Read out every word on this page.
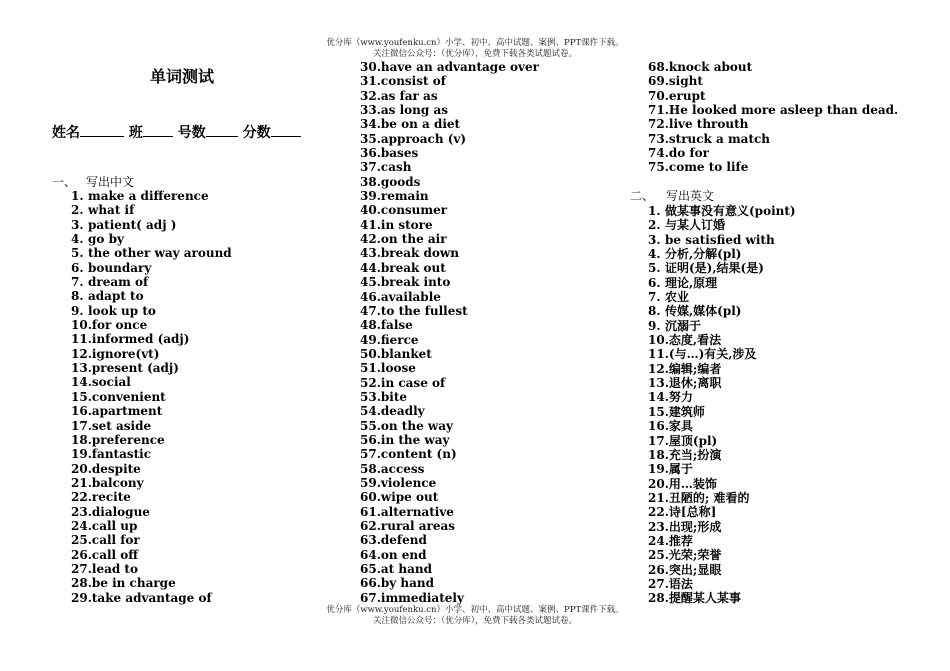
优分库（www.youfenku.cn）小学、初中、高中试题、案例、PPT课件下载。
关注微信公众号：（优分库），免费下载各类试题试卷。
单词测试
姓名	班 号数	分数
一、 写出中文
1. make a difference
2. what if
3. patient( adj )
4. go by
5. the other way around
6. boundary
7. dream of
8. adapt to
9. look up to
10.for once
11.informed (adj)
12.ignore(vt)
13.present (adj)
14.social
15.convenient
16.apartment
17.set aside
18.preference
19.fantastic
20.despite
21.balcony
22.recite
23.dialogue
24.call up
25.call for
26.call off
27.lead to
28.be in charge
29.take advantage of
30.have an advantage over
31.consist of
32.as far as
33.as long as
34.be on a diet
35.approach (v)
36.bases
37.cash
38.goods
39.remain
40.consumer
41.in store
42.on the air
43.break down
44.break out
45.break into
46.available
47.to the fullest
48.false
49.fierce
50.blanket
51.loose
52.in case of
53.bite
54.deadly
55.on the way
56.in the way
57.content (n)
58.access
59.violence
60.wipe out
61.alternative
62.rural areas
63.defend
64.on end
65.at hand
66.by hand
67.immediately
68.knock about
69.sight
70.erupt
71.He looked more asleep than dead.
72.live throuth
73.struck a match
74.do for
75.come to life
二、 写出英文
1. 做某事没有意义(point)
2. 与某人订婚
3. be satisfied with
4. 分析,分解(pl)
5. 证明(是),结果(是)
6. 理论,原理
7. 农业
8. 传媒,媒体(pl)
9. 沉溺于
10.态度,看法
11.(与…)有关,涉及
12.编辑;编者
13.退休;离职
14.努力
15.建筑师
16.家具
17.屋顶(pl)
18.充当;扮演
19.属于
20.用…装饰
21.丑陋的; 难看的
22.诗[总称]
23.出现;形成
24.推荐
25.光荣;荣誉
26.突出;显眼
27.语法
28.提醒某人某事
优分库（www.youfenku.cn）小学、初中、高中试题、案例、PPT课件下载。
关注微信公众号：（优分库），免费下载各类试题试卷。
